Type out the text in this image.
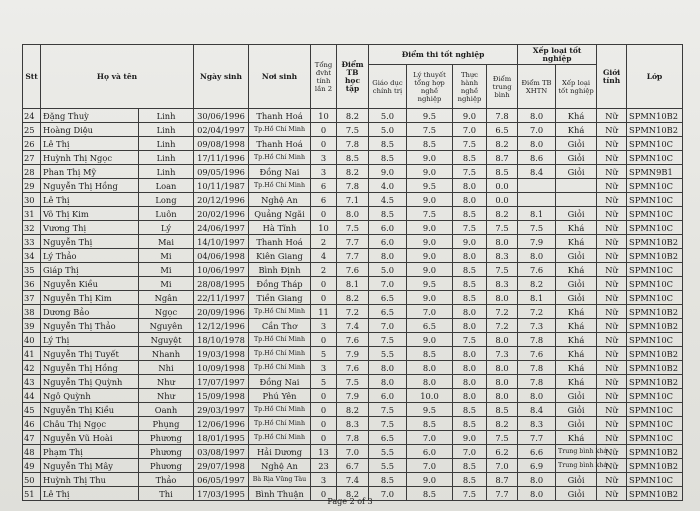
Stt	Họ và tên		Ngày sinh	Nơi sinh	Tổng đvht tính lần 2	Điểm TB học tập	Điểm thi tốt nghiệp				Xếp loại tốt nghiệp		Giới tính	Lớp
							Giáo dục chính trị	Lý thuyết tổng hợp nghề nghiệp	Thực hành nghề nghiệp	Điểm trung bình	Điểm TB XHTN	Xếp loại tốt nghiệp		
24	Đặng Thuỳ	Linh	30/06/1996	Thanh Hoá	10	8.2	5.0	9.5	9.0	7.8	8.0	Khá	Nữ	SPMN10B2
25	Hoàng Diệu	Linh	02/04/1997	Tp.Hồ Chí Minh	0	7.5	5.0	7.5	7.0	6.5	7.0	Khá	Nữ	SPMN10B2
26	Lê Thị	Linh	09/08/1998	Thanh Hoá	0	7.8	8.5	8.5	7.5	8.2	8.0	Giỏi	Nữ	SPMN10C
27	Huỳnh Thị Ngọc	Linh	17/11/1996	Tp.Hồ Chí Minh	3	8.5	8.5	9.0	8.5	8.7	8.6	Giỏi	Nữ	SPMN10C
28	Phan Thị Mỹ	Linh	09/05/1996	Đồng Nai	3	8.2	9.0	9.0	7.5	8.5	8.4	Giỏi	Nữ	SPMN9B1
29	Nguyễn Thị Hồng	Loan	10/11/1987	Tp.Hồ Chí Minh	6	7.8	4.0	9.5	8.0	0.0			Nữ	SPMN10C
30	Lê Thị	Long	20/12/1996	Nghệ An	6	7.1	4.5	9.0	8.0	0.0			Nữ	SPMN10C
31	Võ Thị Kim	Luôn	20/02/1996	Quảng Ngãi	0	8.0	8.5	7.5	8.5	8.2	8.1	Giỏi	Nữ	SPMN10C
32	Vương Thị	Lý	24/06/1997	Hà Tĩnh	10	7.5	6.0	9.0	7.5	7.5	7.5	Khá	Nữ	SPMN10C
33	Nguyễn Thị	Mai	14/10/1997	Thanh Hoá	2	7.7	6.0	9.0	9.0	8.0	7.9	Khá	Nữ	SPMN10B2
34	Lý Thảo	Mi	04/06/1998	Kiên Giang	4	7.7	8.0	9.0	8.0	8.3	8.0	Giỏi	Nữ	SPMN10B2
35	Giáp Thị	Mi	10/06/1997	Bình Định	2	7.6	5.0	9.0	8.5	7.5	7.6	Khá	Nữ	SPMN10C
36	Nguyễn Kiều	Mi	28/08/1995	Đồng Tháp	0	8.1	7.0	9.5	8.5	8.3	8.2	Giỏi	Nữ	SPMN10C
37	Nguyễn Thị Kim	Ngân	22/11/1997	Tiền Giang	0	8.2	6.5	9.0	8.5	8.0	8.1	Giỏi	Nữ	SPMN10C
38	Dương Bảo	Ngọc	20/09/1996	Tp.Hồ Chí Minh	11	7.2	6.5	7.0	8.0	7.2	7.2	Khá	Nữ	SPMN10B2
39	Nguyễn Thị Thảo	Nguyên	12/12/1996	Cần Thơ	3	7.4	7.0	6.5	8.0	7.2	7.3	Khá	Nữ	SPMN10B2
40	Lý Thị	Nguyệt	18/10/1978	Tp.Hồ Chí Minh	0	7.6	7.5	9.0	7.5	8.0	7.8	Khá	Nữ	SPMN10C
41	Nguyễn Thị Tuyết	Nhanh	19/03/1998	Tp.Hồ Chí Minh	5	7.9	5.5	8.5	8.0	7.3	7.6	Khá	Nữ	SPMN10B2
42	Nguyễn Thị Hồng	Nhi	10/09/1998	Tp.Hồ Chí Minh	3	7.6	8.0	8.0	8.0	8.0	7.8	Khá	Nữ	SPMN10B2
43	Nguyễn Thị Quỳnh	Như	17/07/1997	Đồng Nai	5	7.5	8.0	8.0	8.0	8.0	7.8	Khá	Nữ	SPMN10B2
44	Ngô Quỳnh	Như	15/09/1998	Phú Yên	0	7.9	6.0	10.0	8.0	8.0	8.0	Giỏi	Nữ	SPMN10C
45	Nguyễn Thị Kiều	Oanh	29/03/1997	Tp.Hồ Chí Minh	0	8.2	7.5	9.5	8.5	8.5	8.4	Giỏi	Nữ	SPMN10C
46	Châu Thị Ngọc	Phụng	12/06/1996	Tp.Hồ Chí Minh	0	8.3	7.5	8.5	8.5	8.2	8.3	Giỏi	Nữ	SPMN10C
47	Nguyễn Vũ Hoài	Phương	18/01/1995	Tp.Hồ Chí Minh	0	7.8	6.5	7.0	9.0	7.5	7.7	Khá	Nữ	SPMN10C
48	Phạm Thị	Phương	03/08/1997	Hải Dương	13	7.0	5.5	6.0	7.0	6.2	6.6	Trung bình khá	Nữ	SPMN10B2
49	Nguyễn Thị Mây	Phương	29/07/1998	Nghệ An	23	6.7	5.5	7.0	8.5	7.0	6.9	Trung bình khá	Nữ	SPMN10B2
50	Huỳnh Thị Thu	Thảo	06/05/1997	Bà Rịa Vũng Tàu	3	7.4	8.5	9.0	8.5	8.7	8.0	Giỏi	Nữ	SPMN10C
51	Lê Thị	Thi	17/03/1995	Bình Thuận	0	8.2	7.0	8.5	7.5	7.7	8.0	Giỏi	Nữ	SPMN10B2
Page 2 of 3
